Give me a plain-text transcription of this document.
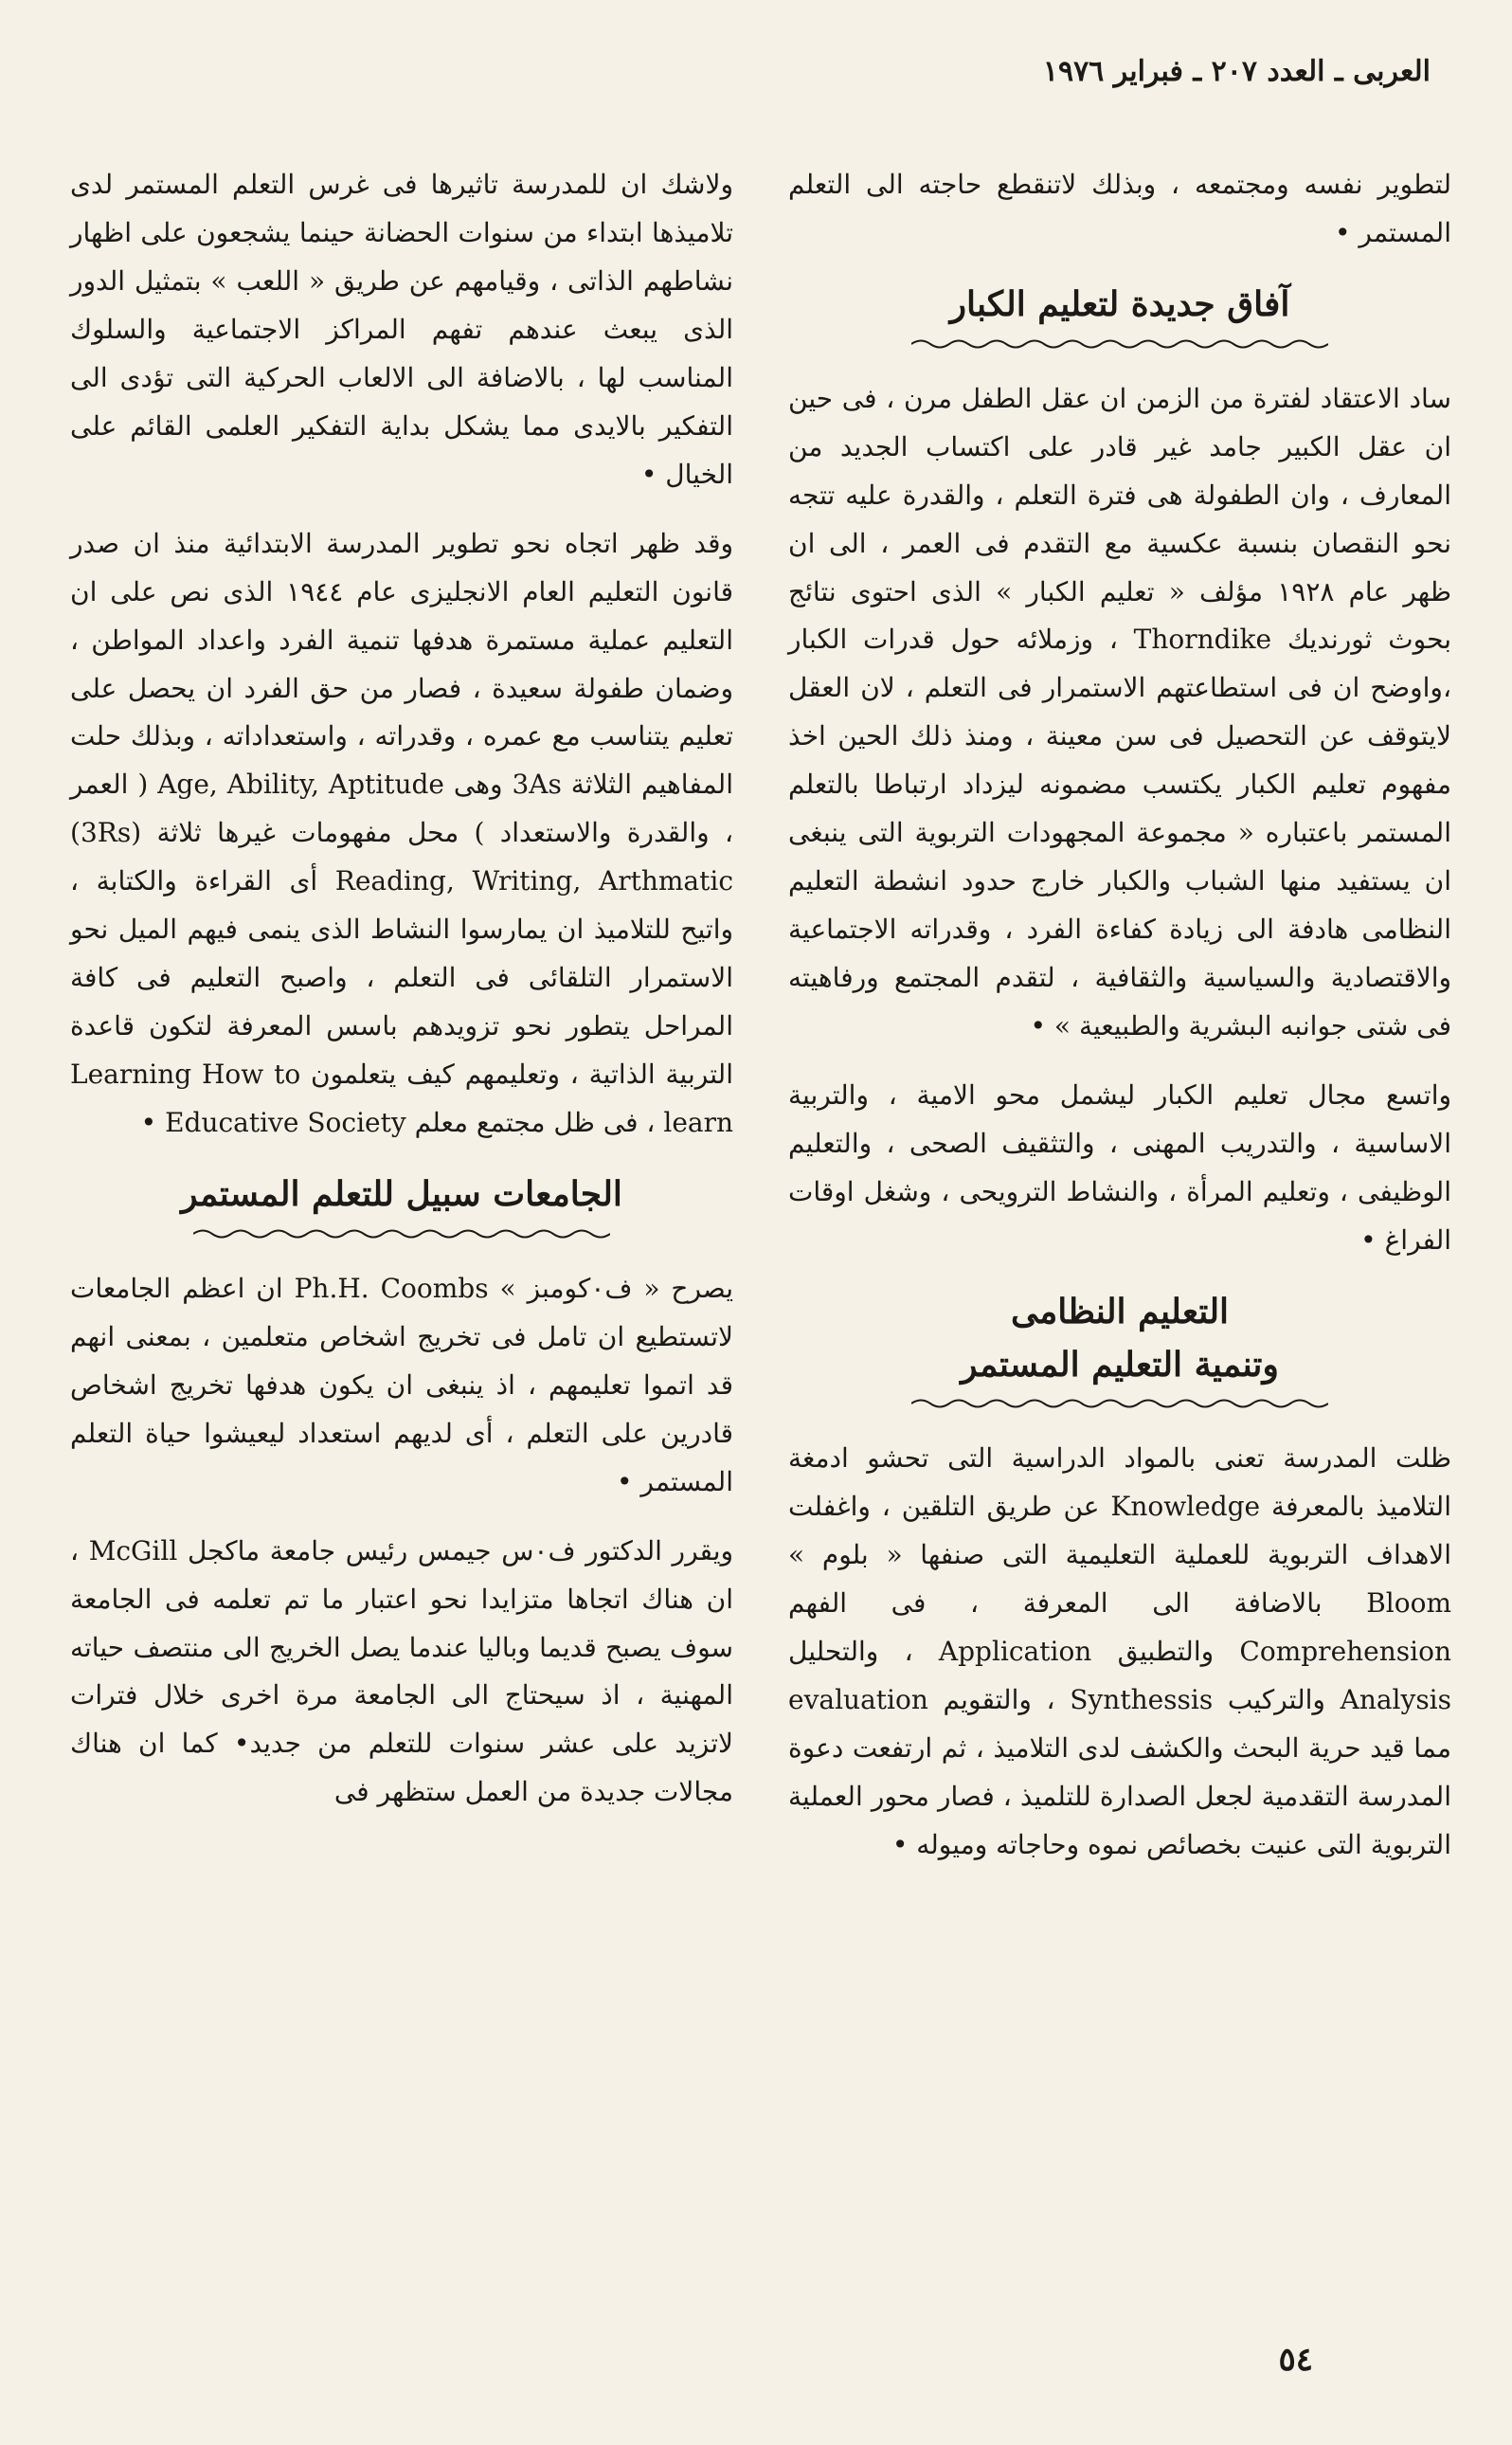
العربى ـ العدد ٢٠٧ ـ فبراير ١٩٧٦

لتطوير نفسه ومجتمعه ، وبذلك لاتنقطع حاجته الى التعلم المستمر •

آفاق جديدة لتعليم الكبار

ساد الاعتقاد لفترة من الزمن ان عقل الطفل مرن ، فى حين ان عقل الكبير جامد غير قادر على اكتساب الجديد من المعارف ، وان الطفولة هى فترة التعلم ، والقدرة عليه تتجه نحو النقصان بنسبة عكسية مع التقدم فى العمر ، الى ان ظهر عام ١٩٢٨ مؤلف « تعليم الكبار » الذى احتوى نتائج بحوث ثورنديك Thorndike ، وزملائه حول قدرات الكبار ،واوضح ان فى استطاعتهم الاستمرار فى التعلم ، لان العقل لايتوقف عن التحصيل فى سن معينة ، ومنذ ذلك الحين اخذ مفهوم تعليم الكبار يكتسب مضمونه ليزداد ارتباطا بالتعلم المستمر باعتباره « مجموعة المجهودات التربوية التى ينبغى ان يستفيد منها الشباب والكبار خارج حدود انشطة التعليم النظامى هادفة الى زيادة كفاءة الفرد ، وقدراته الاجتماعية والاقتصادية والسياسية والثقافية ، لتقدم المجتمع ورفاهيته فى شتى جوانبه البشرية والطبيعية » •

واتسع مجال تعليم الكبار ليشمل محو الامية ، والتربية الاساسية ، والتدريب المهنى ، والتثقيف الصحى ، والتعليم الوظيفى ، وتعليم المرأة ، والنشاط الترويحى ، وشغل اوقات الفراغ •

التعليم النظامى
وتنمية التعليم المستمر

ظلت المدرسة تعنى بالمواد الدراسية التى تحشو ادمغة التلاميذ بالمعرفة Knowledge عن طريق التلقين ، واغفلت الاهداف التربوية للعملية التعليمية التى صنفها « بلوم » Bloom بالاضافة الى المعرفة ، فى الفهم Comprehension والتطبيق Application ، والتحليل Analysis والتركيب Synthessis ، والتقويم evaluation مما قيد حرية البحث والكشف لدى التلاميذ ، ثم ارتفعت دعوة المدرسة التقدمية لجعل الصدارة للتلميذ ، فصار محور العملية التربوية التى عنيت بخصائص نموه وحاجاته وميوله •

ولاشك ان للمدرسة تاثيرها فى غرس التعلم المستمر لدى تلاميذها ابتداء من سنوات الحضانة حينما يشجعون على اظهار نشاطهم الذاتى ، وقيامهم عن طريق « اللعب » بتمثيل الدور الذى يبعث عندهم تفهم المراكز الاجتماعية والسلوك المناسب لها ، بالاضافة الى الالعاب الحركية التى تؤدى الى التفكير بالايدى مما يشكل بداية التفكير العلمى القائم على الخيال •

وقد ظهر اتجاه نحو تطوير المدرسة الابتدائية منذ ان صدر قانون التعليم العام الانجليزى عام ١٩٤٤ الذى نص على ان التعليم عملية مستمرة هدفها تنمية الفرد واعداد المواطن ، وضمان طفولة سعيدة ، فصار من حق الفرد ان يحصل على تعليم يتناسب مع عمره ، وقدراته ، واستعداداته ، وبذلك حلت المفاهيم الثلاثة 3As وهى Age, Ability, Aptitude ( العمر ، والقدرة والاستعداد ) محل مفهومات غيرها ثلاثة (3Rs) Reading, Writing, Arthmatic أى القراءة والكتابة ، واتيح للتلاميذ ان يمارسوا النشاط الذى ينمى فيهم الميل نحو الاستمرار التلقائى فى التعلم ، واصبح التعليم فى كافة المراحل يتطور نحو تزويدهم باسس المعرفة لتكون قاعدة التربية الذاتية ، وتعليمهم كيف يتعلمون Learning How to learn ، فى ظل مجتمع معلم Educative Society •

الجامعات سبيل للتعلم المستمر

يصرح « ف٠كومبز » Ph.H. Coombs ان اعظم الجامعات لاتستطيع ان تامل فى تخريج اشخاص متعلمين ، بمعنى انهم قد اتموا تعليمهم ، اذ ينبغى ان يكون هدفها تخريج اشخاص قادرين على التعلم ، أى لديهم استعداد ليعيشوا حياة التعلم المستمر •

ويقرر الدكتور ف٠س جيمس رئيس جامعة ماكجل McGill ، ان هناك اتجاها متزايدا نحو اعتبار ما تم تعلمه فى الجامعة سوف يصبح قديما وباليا عندما يصل الخريج الى منتصف حياته المهنية ، اذ سيحتاج الى الجامعة مرة اخرى خلال فترات لاتزيد على عشر سنوات للتعلم من جديد• كما ان هناك مجالات جديدة من العمل ستظهر فى

٥٤
